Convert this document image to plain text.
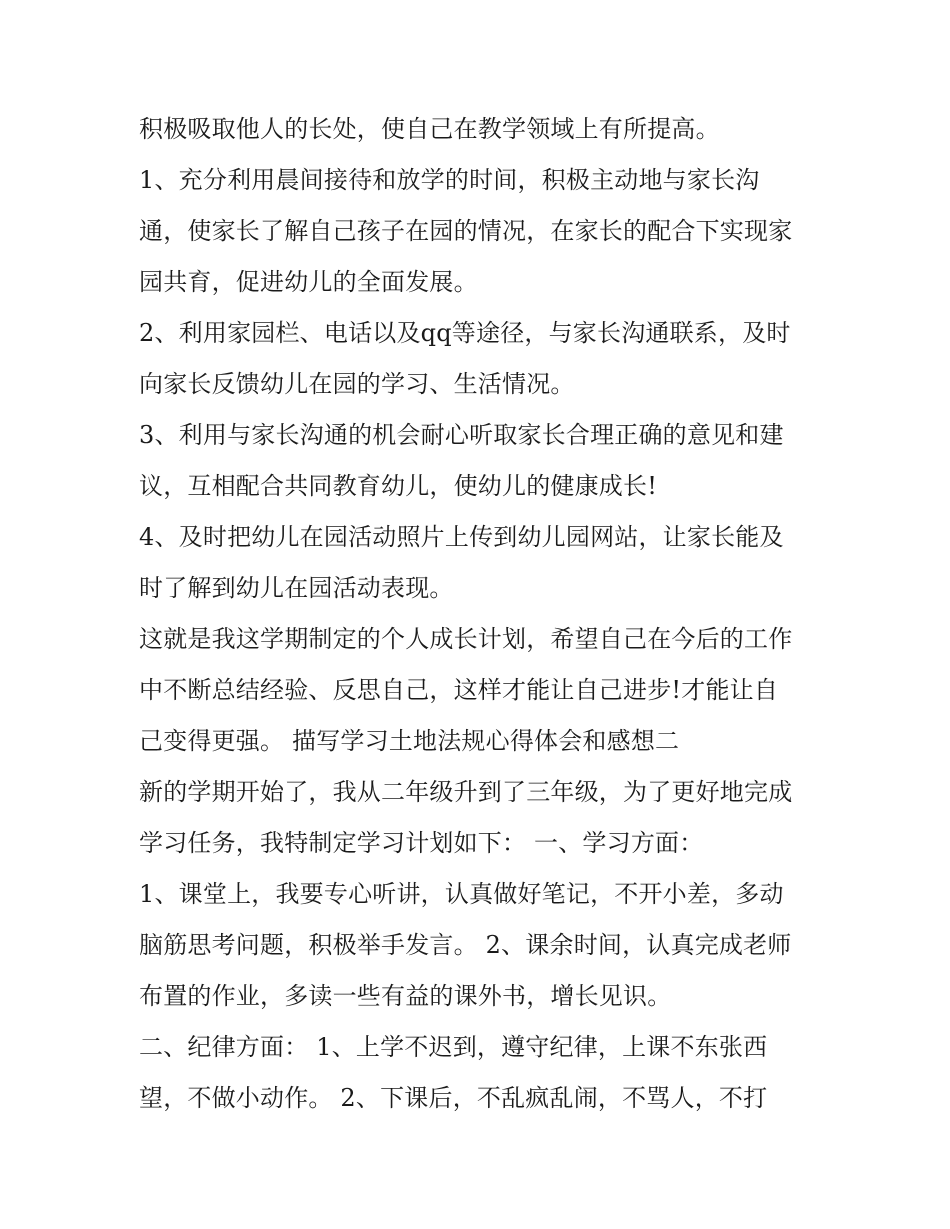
积极吸取他人的长处，使自己在教学领域上有所提高。
1、充分利用晨间接待和放学的时间，积极主动地与家长沟
通，使家长了解自己孩子在园的情况，在家长的配合下实现家
园共育，促进幼儿的全面发展。
2、利用家园栏、电话以及qq等途径，与家长沟通联系，及时
向家长反馈幼儿在园的学习、生活情况。
3、利用与家长沟通的机会耐心听取家长合理正确的意见和建
议，互相配合共同教育幼儿，使幼儿的健康成长!
4、及时把幼儿在园活动照片上传到幼儿园网站，让家长能及
时了解到幼儿在园活动表现。
这就是我这学期制定的个人成长计划，希望自己在今后的工作
中不断总结经验、反思自己，这样才能让自己进步!才能让自
己变得更强。 描写学习土地法规心得体会和感想二
新的学期开始了，我从二年级升到了三年级，为了更好地完成
学习任务，我特制定学习计划如下： 一、学习方面：
1、课堂上，我要专心听讲，认真做好笔记，不开小差，多动
脑筋思考问题，积极举手发言。 2、课余时间，认真完成老师
布置的作业，多读一些有益的课外书，增长见识。
二、纪律方面： 1、上学不迟到，遵守纪律，上课不东张西
望，不做小动作。 2、下课后，不乱疯乱闹，不骂人，不打
